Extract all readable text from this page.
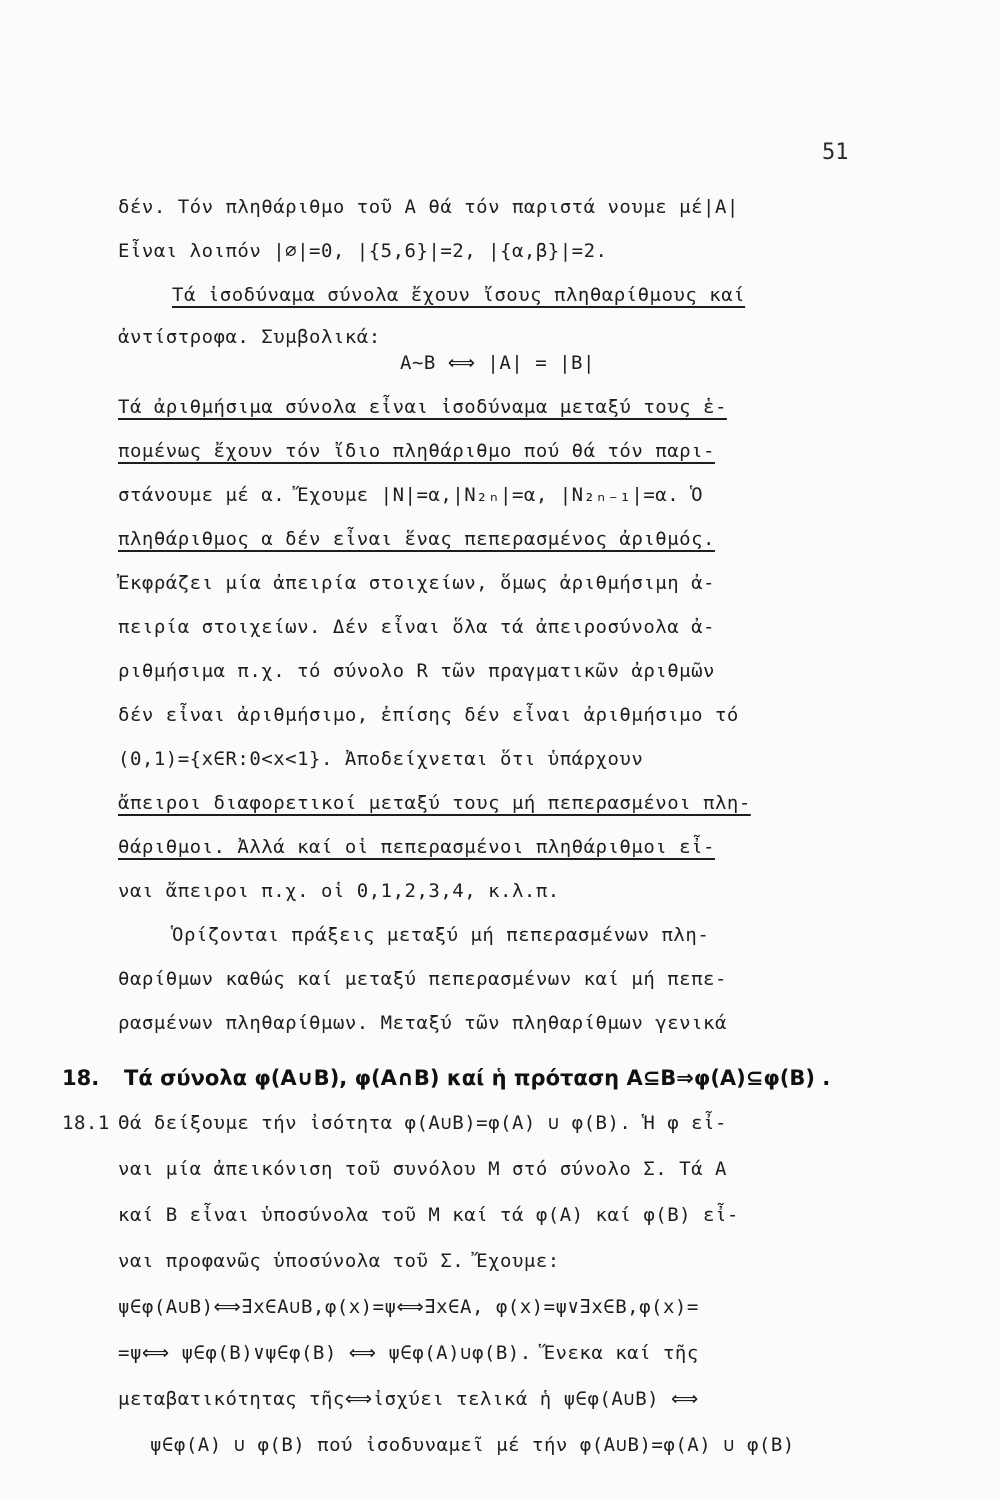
51
δέν. Τόν πληθάριθμο τοῦ Α θά τόν παριστά νουμε μέ|Α|
Εἶναι λοιπόν |∅|=0, |{5,6}|=2, |{α,β}|=2.
Τά ἰσοδύναμα σύνολα ἔχουν ἴσους πληθαρίθμους καί
ἀντίστροφα. Συμβολικά:
Α∼Β ⟺ |Α| = |Β|
Τά ἀριθμήσιμα σύνολα εἶναι ἰσοδύναμα μεταξύ τους ἑ-
πομένως ἔχουν τόν ἴδιο πληθάριθμο πού θά τόν παρι-
στάνουμε μέ α. Ἔχουμε |N|=α,|N₂ₙ|=α, |N₂ₙ₋₁|=α. Ὁ
πληθάριθμος α δέν εἶναι ἕνας πεπερασμένος ἀριθμός.
Ἐκφράζει μία ἀπειρία στοιχείων, ὅμως ἀριθμήσιμη ἀ-
πειρία στοιχείων. Δέν εἶναι ὅλα τά ἀπειροσύνολα ἀ-
ριθμήσιμα π.χ. τό σύνολο R τῶν πραγματικῶν ἀριθμῶν
δέν εἶναι ἀριθμήσιμο, ἐπίσης δέν εἶναι ἀριθμήσιμο τό
(0,1)={x∈R:0<x<1}. Ἀποδείχνεται ὅτι ὑπάρχουν
ἄπειροι διαφορετικοί μεταξύ τους μή πεπερασμένοι πλη-
θάριθμοι. Ἀλλά καί οἱ πεπερασμένοι πληθάριθμοι εἶ-
ναι ἄπειροι π.χ. οἱ 0,1,2,3,4, κ.λ.π.
Ὁρίζονται πράξεις μεταξύ μή πεπερασμένων πλη-
θαρίθμων καθώς καί μεταξύ πεπερασμένων καί μή πεπε-
ρασμένων πληθαρίθμων. Μεταξύ τῶν πληθαρίθμων γενικά
18. Τά σύνολα φ(A∪B), φ(A∩B) καί ἡ πρόταση A⊆B⇒φ(A)⊆φ(B) .
18.1 Θά δείξουμε τήν ἰσότητα φ(A∪B)=φ(A) ∪ φ(B). Ἡ φ εἶ-
ναι μία ἀπεικόνιση τοῦ συνόλου Μ στό σύνολο Σ. Τά Α
καί Β εἶναι ὑποσύνολα τοῦ Μ καί τά φ(A) καί φ(B) εἶ-
ναι προφανῶς ὑποσύνολα τοῦ Σ. Ἔχουμε:
ψ∈φ(A∪B)⟺∃x∈A∪B,φ(x)=ψ⟺∃x∈A, φ(x)=ψ∨∃x∈B,φ(x)=
=ψ⟺ ψ∈φ(B)∨ψ∈φ(B) ⟺ ψ∈φ(A)∪φ(B). Ἕνεκα καί τῆς
μεταβατικότητας τῆς⟺ἰσχύει τελικά ἡ ψ∈φ(A∪B) ⟺
ψ∈φ(A) ∪ φ(B) πού ἰσοδυναμεῖ μέ τήν φ(A∪B)=φ(A) ∪ φ(B)
